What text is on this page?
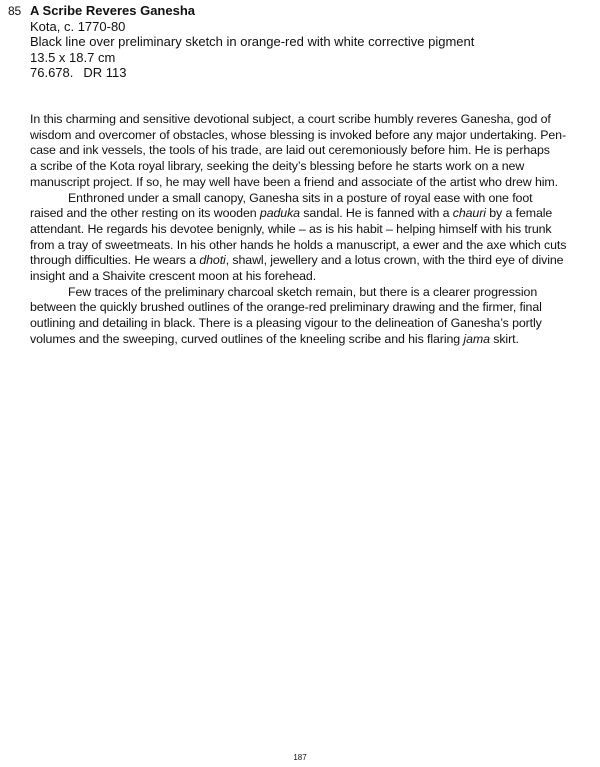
85 A Scribe Reveres Ganesha

Kota, c. 1770-80

Black line over preliminary sketch in orange-red with white corrective pigment

13.5 x 18.7 cm

76.678. DR 113

In this charming and sensitive devotional subject, a court scribe humbly reveres Ganesha, god of
wisdom and overcomer of obstacles, whose blessing is invoked before any major undertaking. Pen-
case and ink vessels, the tools of his trade, are laid out ceremoniously before him. He is perhaps
a scribe of the Kota royal library, seeking the deity’s blessing before he starts work on a new
manuscript project. If so, he may well have been a friend and associate of the artist who drew him.

Enthroned under a small canopy, Ganesha sits in a posture of royal ease with one foot
raised and the other resting on its wooden paduka sandal. He is fanned with a chauri by a female
attendant. He regards his devotee benignly, while – as is his habit – helping himself with his trunk
from a tray of sweetmeats. In his other hands he holds a manuscript, a ewer and the axe which cuts
through difficulties. He wears a dhoti, shawl, jewellery and a lotus crown, with the third eye of divine
insight and a Shaivite crescent moon at his forehead.

Few traces of the preliminary charcoal sketch remain, but there is a clearer progression
between the quickly brushed outlines of the orange-red preliminary drawing and the firmer, final
outlining and detailing in black. There is a pleasing vigour to the delineation of Ganesha’s portly
volumes and the sweeping, curved outlines of the kneeling scribe and his flaring jama skirt.

187
